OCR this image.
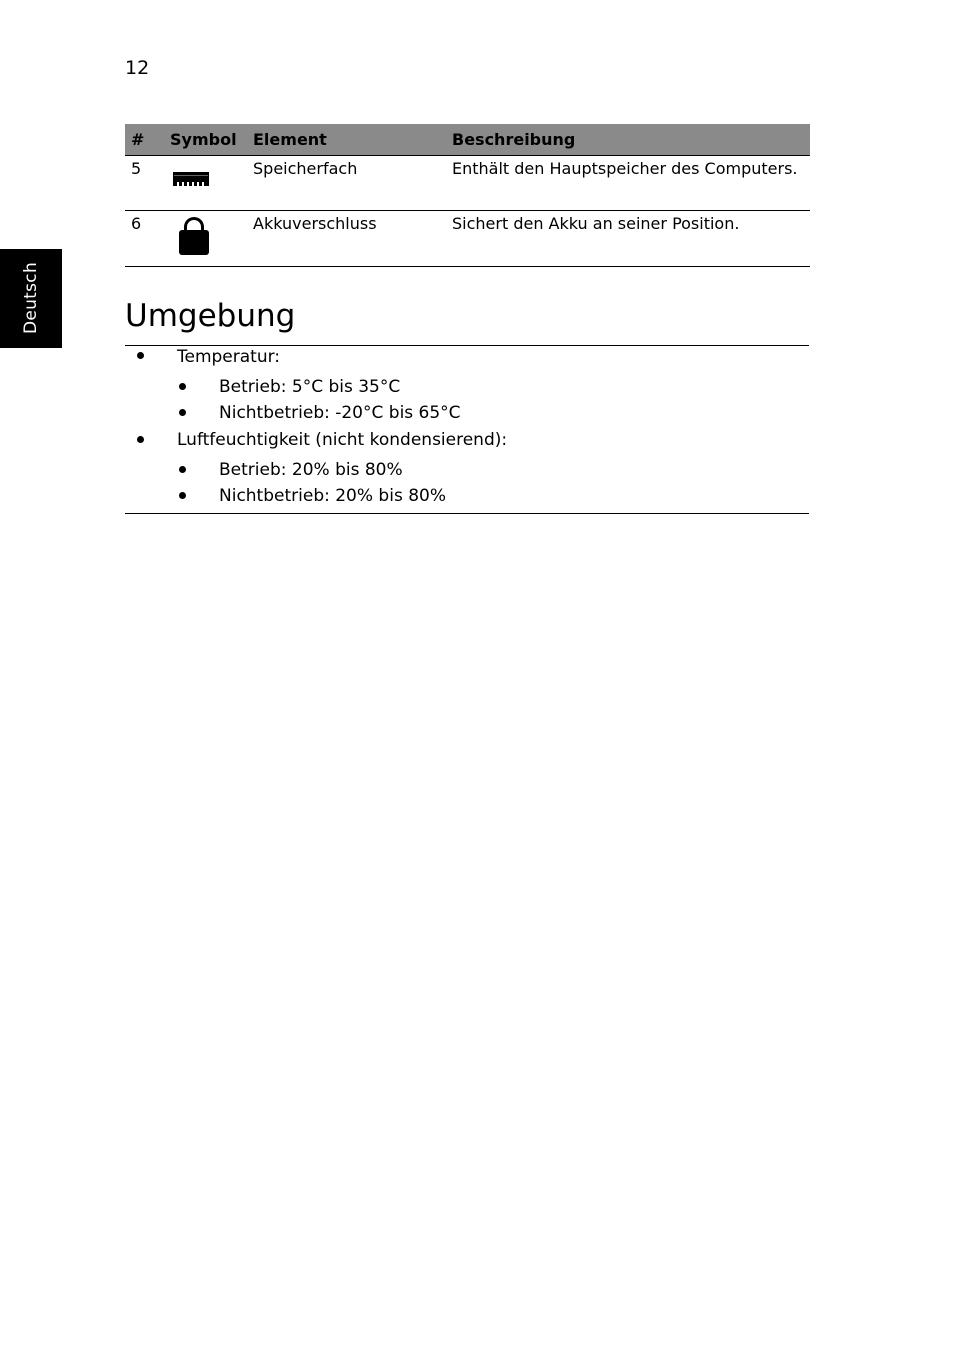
12
Deutsch
#	Symbol	Element	Beschreibung
5		Speicherfach	Enthält den Hauptspeicher des Computers.
6		Akkuverschluss	Sichert den Akku an seiner Position.
Umgebung
Temperatur:
Betrieb: 5°C bis 35°C
Nichtbetrieb: -20°C bis 65°C
Luftfeuchtigkeit (nicht kondensierend):
Betrieb: 20% bis 80%
Nichtbetrieb: 20% bis 80%
